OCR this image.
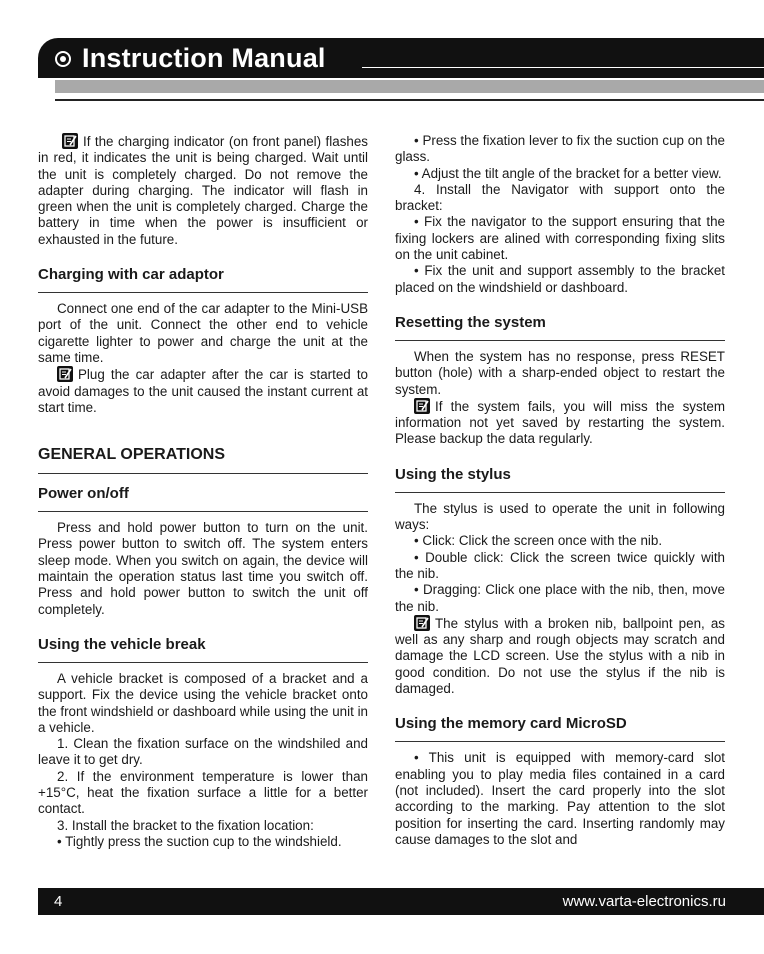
Instruction Manual

If the charging indicator (on front panel) flashes in red, it indicates the unit is being charged. Wait until the unit is completely charged. Do not remove the adapter during charging. The indicator will flash in green when the unit is completely charged. Charge the battery in time when the power is insufficient or exhausted in the future.

Charging with car adaptor

Connect one end of the car adapter to the Mini-USB port of the unit. Connect the other end to vehicle cigarette lighter to power and charge the unit at the same time.

Plug the car adapter after the car is started to avoid damages to the unit caused the instant current at start time.

GENERAL OPERATIONS

Power on/off

Press and hold power button to turn on the unit. Press power button to switch off. The system enters sleep mode. When you switch on again, the device will maintain the operation status last time you switch off. Press and hold power button to switch the unit off completely.

Using the vehicle break

A vehicle bracket is composed of a bracket and a support. Fix the device using the vehicle bracket onto the front windshield or dashboard while using the unit in a vehicle.

1. Clean the fixation surface on the windshiled and leave it to get dry.

2. If the environment temperature is lower than +15°C, heat the fixation surface a little for a better contact.

3. Install the bracket to the fixation location:

• Tightly press the suction cup to the windshield.

• Press the fixation lever to fix the suction cup on the glass.

• Adjust the tilt angle of the bracket for a better view.

4. Install the Navigator with support onto the bracket:

• Fix the navigator to the support ensuring that the fixing lockers are alined with corresponding fixing slits on the unit cabinet.

• Fix the unit and support assembly to the bracket placed on the windshield or dashboard.

Resetting the system

When the system has no response, press RESET button (hole) with a sharp-ended object to restart the system.

If the system fails, you will miss the system information not yet saved by restarting the system. Please backup the data regularly.

Using the stylus

The stylus is used to operate the unit in following ways:

• Click: Click the screen once with the nib.

• Double click: Click the screen twice quickly with the nib.

• Dragging: Click one place with the nib, then, move the nib.

The stylus with a broken nib, ballpoint pen, as well as any sharp and rough objects may scratch and damage the LCD screen. Use the stylus with a nib in good condition. Do not use the stylus if the nib is damaged.

Using the memory card MicroSD

• This unit is equipped with memory-card slot enabling you to play media files contained in a card (not included). Insert the card properly into the slot according to the marking. Pay attention to the slot position for inserting the card. Inserting randomly may cause damages to the slot and

4	www.varta-electronics.ru
